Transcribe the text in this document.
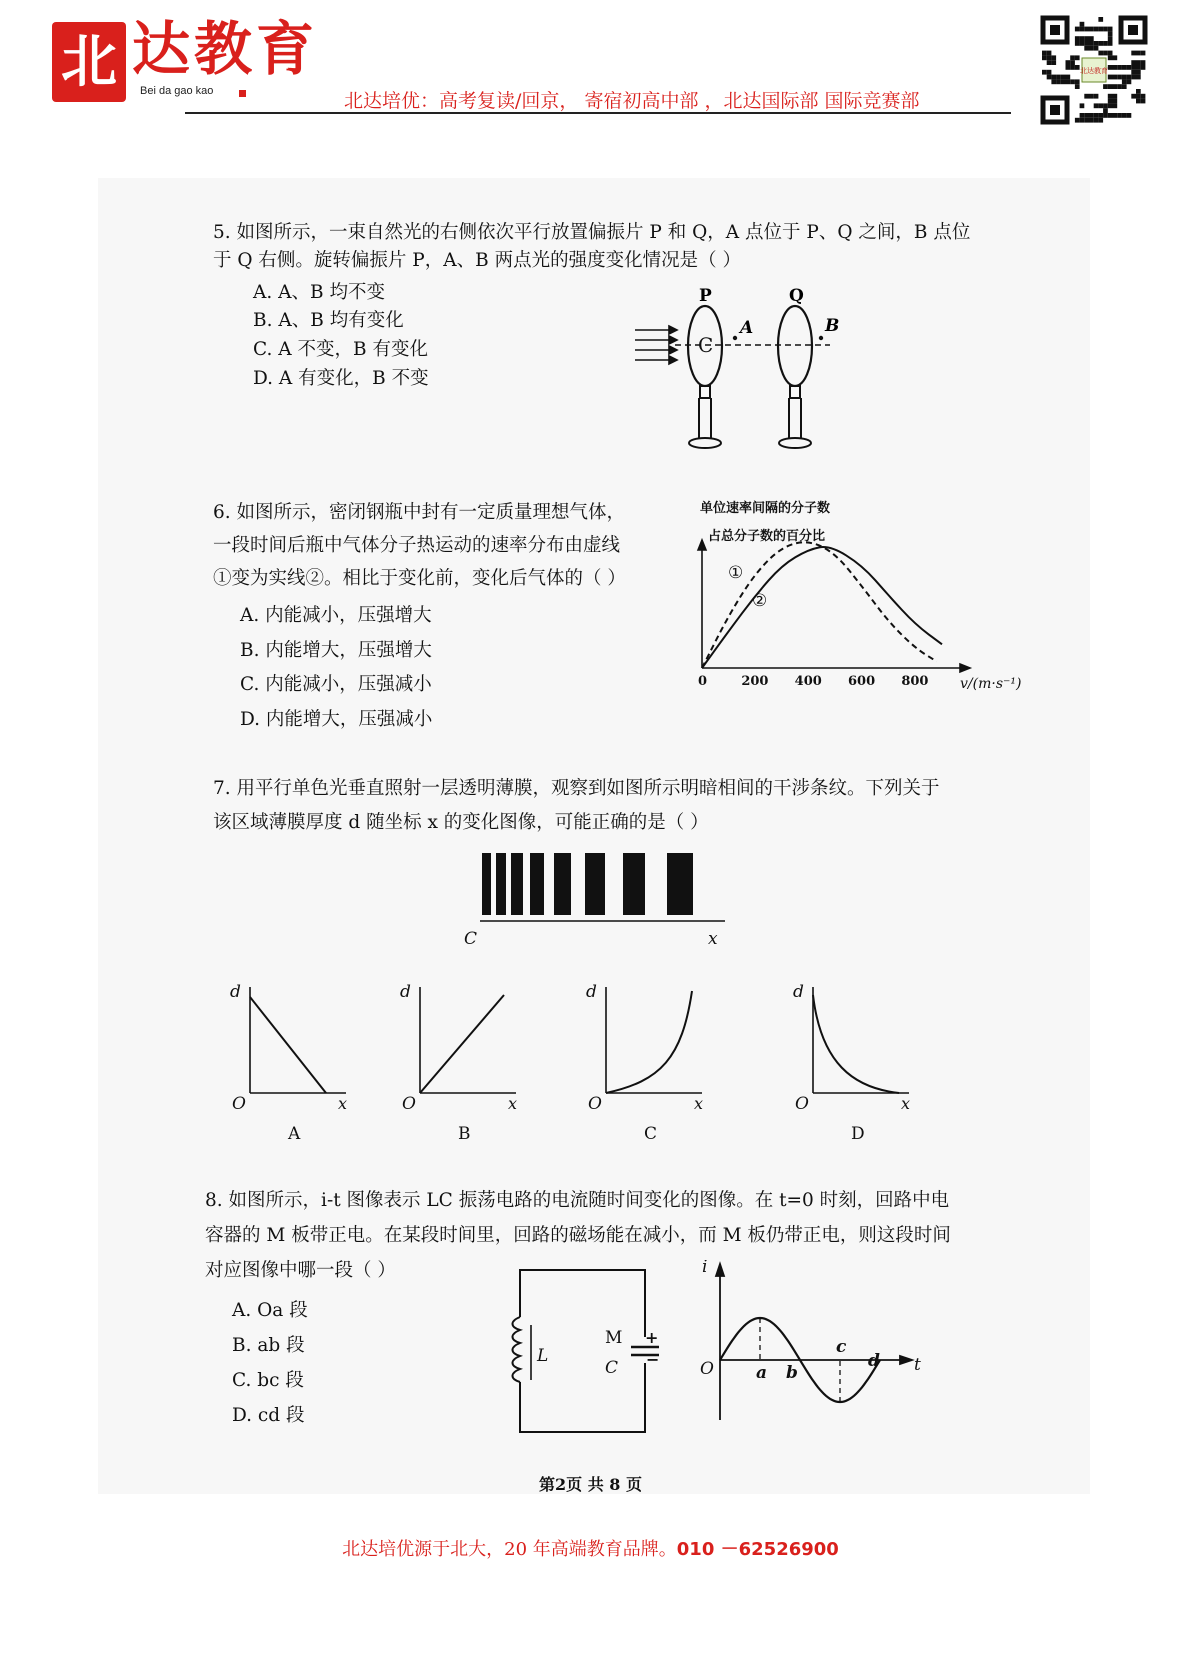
北 达教育
Bei da gao kao	北达培优：高考复读/回京， 寄宿初高中部 ，北达国际部 国际竞赛部
北达教育
5. 如图所示，一束自然光的右侧依次平行放置偏振片 P 和 Q，A 点位于 P、Q 之间，B 点位
于 Q 右侧。旋转偏振片 P，A、B 两点光的强度变化情况是（ ）
A. A、B 均不变
B. A、B 均有变化
C. A 不变，B 有变化
D. A 有变化，B 不变
C
P	Q
A	B
6. 如图所示，密闭钢瓶中封有一定质量理想气体，
一段时间后瓶中气体分子热运动的速率分布由虚线
①变为实线②。相比于变化前，变化后气体的（ ）
A. 内能减小，压强增大
B. 内能增大，压强增大
C. 内能减小，压强减小
D. 内能增大，压强减小
单位速率间隔的分子数
占总分子数的百分比
0	200 400 600 800 v/(m·s⁻¹)
①
②
7. 用平行单色光垂直照射一层透明薄膜，观察到如图所示明暗相间的干涉条纹。下列关于
该区域薄膜厚度 d 随坐标 x 的变化图像，可能正确的是（ ）
C	x
d
x
O
A
d
x
O
B
d
x
O
C
d
x
O
D
8. 如图所示，i-t 图像表示 LC 振荡电路的电流随时间变化的图像。在 t=0 时刻，回路中电
容器的 M 板带正电。在某段时间里，回路的磁场能在减小，而 M 板仍带正电，则这段时间
对应图像中哪一段（ ）
A. Oa 段
B. ab 段
C. bc 段
D. cd 段
L
M
C
+
−
i
t
O a b
c
d
第2页 共 8 页
北达培优源于北大，20 年高端教育品牌。010 －62526900
